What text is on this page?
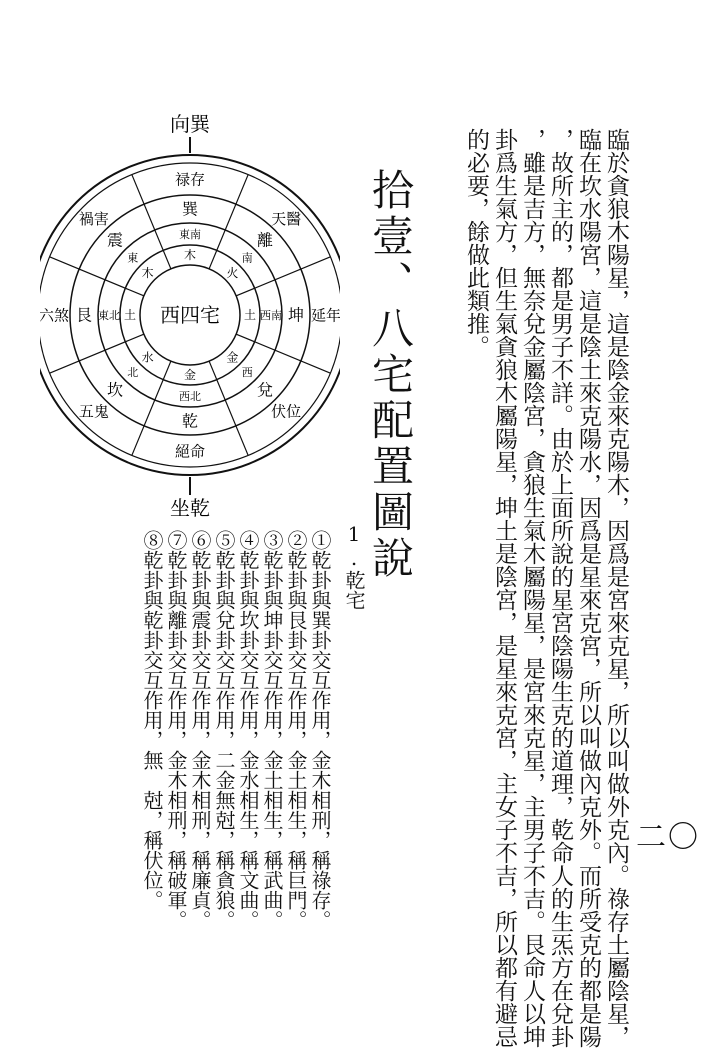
二〇
臨於貪狼木陽星，這是陰金來克陽木，因爲是宮來克星，所以叫做外克內。祿存土屬陰星，
臨在坎水陽宮，這是陰土來克陽水，因爲是星來克宮，所以叫做內克外。而所受克的都是陽
，故所主的，都是男子不詳。由於上面所說的星宮陰陽生克的道理，乾命人的生炁方在兌卦
，雖是吉方，無奈兌金屬陰宮，貪狼生氣木屬陽星，是宮來克星，主男子不吉。艮命人以坤
卦爲生氣方，但生氣貪狼木屬陽星，坤土是陰宮，是星來克宮，主女子不吉，所以都有避忌
的必要，餘做此類推。
拾壹、八宅配置圖說
1.乾宅
①乾卦與巽卦交互作用，金木相刑，稱祿存。
②乾卦與艮卦交互作用，金土相生，稱巨門。
③乾卦與坤卦交互作用，金土相生，稱武曲。
④乾卦與坎卦交互作用，金水相生，稱文曲。
⑤乾卦與兌卦交互作用，二金無尅，稱貪狼。
⑥乾卦與震卦交互作用，金木相刑，稱廉貞。
⑦乾卦與離卦交互作用，金木相刑，稱破軍。
⑧乾卦與乾卦交互作用，無　尅，稱伏位。
向巽
禄存
天醫
延年
伏位
絕命
五鬼
六煞
禍害
巽
離
坤
兌
乾
坎
艮
震	東南
南
西南
西
西北
北
東北
東	木
火
土
金
金
水
土
木
西四宅
坐乾
